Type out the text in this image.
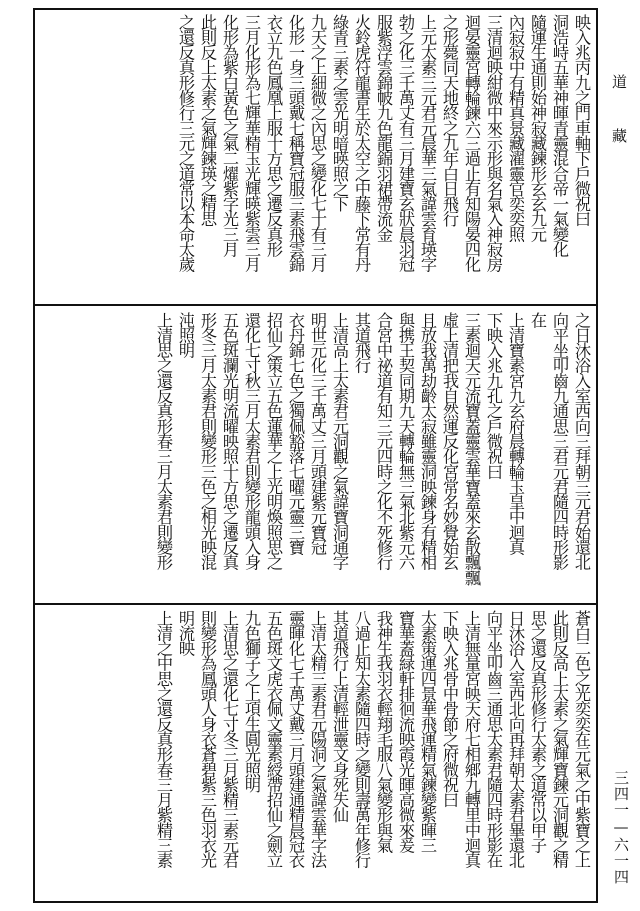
道　藏
三四一—六一四
映入兆丙九之門車軸下戶微祝曰
洞浩峙五華神暉青靈混合帝一氣變化
隨運生通則始神寂藏鍊形玄玄九元
內寂寂中有精真景藏濯靈官奕奕照
三清迴映紺微中來示形與名氣入神寂房
迴晏靈宮轉輪鍊六三過止有知陽晏四化
之形薨同天地終之九年白日飛行
上元太素三元君元晨華三氣諱雲育瑛字
勃之化三千萬丈有三月建寶玄狀晨羽冠
服紫浮雲錦帔九色龍錦羽裙帶流金
火鈴虎符龍書生於太空之中藤下常有丹
綠青三素之雲光明暗暎照之下
九天之上細微之內思之變化七十有三月
化形一身三頭戴七稱寶冠服三素飛雲錦
衣立九色鳳凰上服十方思之遷反真形
三月化形為七輝華精玉光輝暎紫雲三月
化形為紫白黃色之氣二燿紫字光三月
此則反上太素之氣輝鍊瑛之精思
之還反真形修行三元之道常以本命太歲
之日沐浴入室西向三拜朝三元君始還北
向平坐叩齒九通思三君元君隨四時形影
在
上清寶素宮九玄府晨轉輪玉皇中迴真
下映入兆九孔之戶微祝曰
三素迴天元流寶蓋靈雲華寶蓋來玄散飄飄
虛上清把我自然運反化宮常名妙覺始玄
且放我萬劫齡太寂雖靈洞映鍊身有精相
與携王契同期九天轉輪無三氣北紫元六
合宮中祕道有知三元四時之化不死修行
其道飛行
上清高上太素君元洞觀之氣諱寶洞通字
明世元化三千萬丈三月頭建紫元寶冠
衣丹錦七色之獨佩豁落七曜元靈三寶
招仙之策立五色蓮華之上光明煥照思之
還化七寸秋三月太素君則變形龍頭入身
五色斑瀾光明流曜映照十方思之遷反真
形冬三月太素君則變形三色之相光映混
沌照明
上清思之還反真形春三月太素君則變形
蒼白二色之光奕奕在元氣之中紫寶之上
此則反高上太素之氣輝寶鍊元洞觀之精
思之還反真形修行太素之道常以甲子
日沐浴入室西北向再拜朝太素君畢還北
向平坐叩齒三通思太素君隨四時形影在
上清無量宮映天府七相鄉九轉里中迴真
下映入兆骨中骨節之府微祝曰
太素策運四景華飛運精氣鍊變紫暉三
寶華蓋緑軒排徊流映霞光暉高微來爰
我神生我羽衣輕翔毛服八氣變形與氣
八過止知太素隨四時之變則壽萬年修行
其道飛行上清輕泄靈文身死失仙
上清太精三素君元陽洞之氣諱雲華字法
靈暉化七千萬丈戴三月頭建通精晨冠衣
五色斑文虎衣佩文靈素綬帶招仙之劍立
九色獅子之上項生圓光照明
上清思之還化七寸冬三月紫精三素元君
則變形為鳳頭人身衣蒼碧紫三色羽衣光
明流映
上清之中思之還反真形春三月紫精三素
